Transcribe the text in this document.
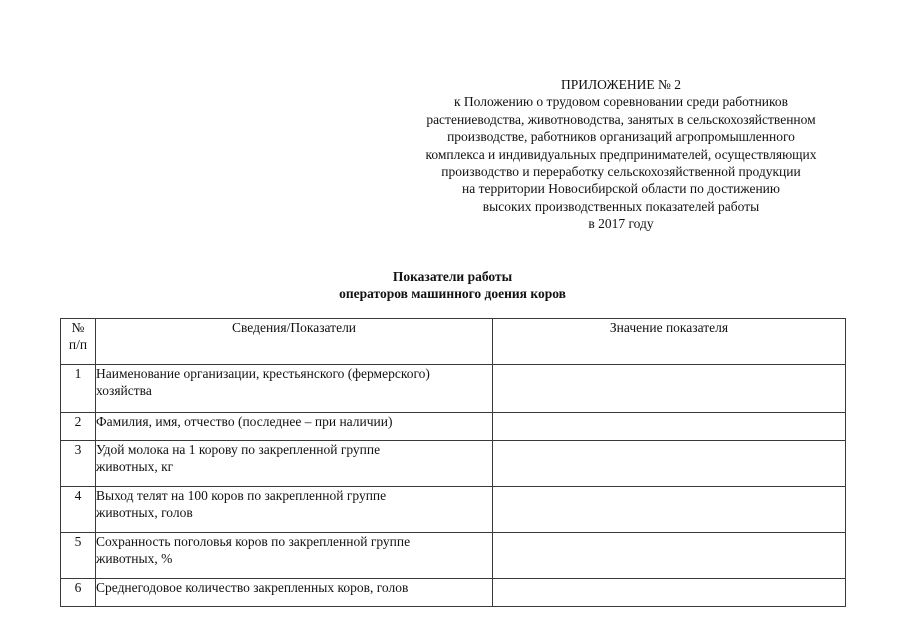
ПРИЛОЖЕНИЕ № 2
к Положению о трудовом соревновании среди работников
растениеводства, животноводства, занятых в сельскохозяйственном
производстве, работников организаций агропромышленного
комплекса и индивидуальных предпринимателей, осуществляющих
производство и переработку сельскохозяйственной продукции
на территории Новосибирской области по достижению
высоких производственных показателей работы
в 2017 году
Показатели работы
операторов машинного доения коров
№
п/п	Сведения/Показатели	Значение показателя
1	Наименование организации, крестьянского (фермерского)
хозяйства	

2	Фамилия, имя, отчество (последнее – при наличии)	

3	Удой молока на 1 корову по закрепленной группе
животных, кг	

4	Выход телят на 100 коров по закрепленной группе
животных, голов	

5	Сохранность поголовья коров по закрепленной группе
животных, %	

6	Среднегодовое количество закрепленных коров, голов	
